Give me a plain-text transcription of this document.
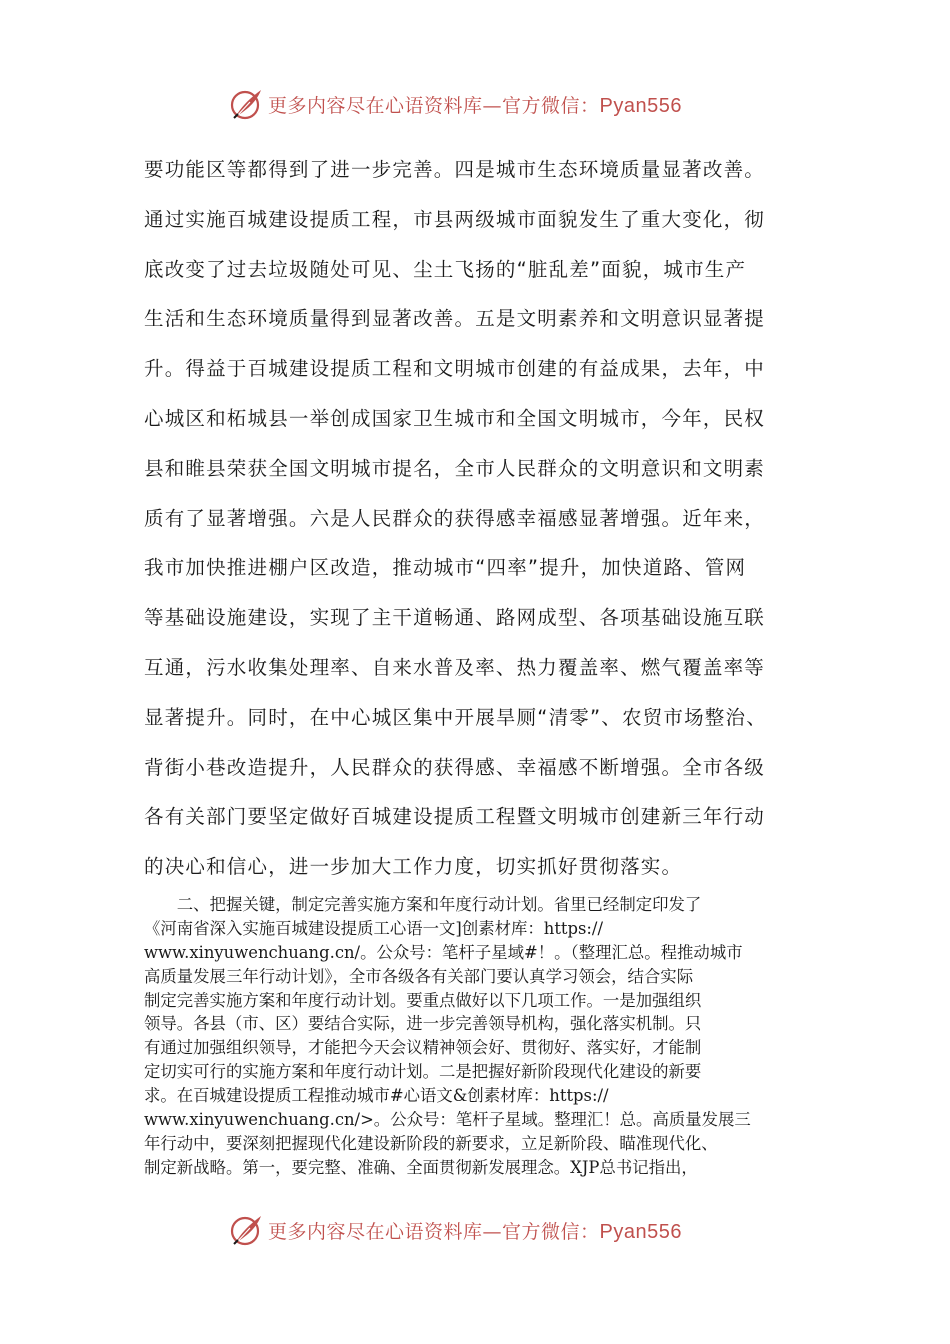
更多内容尽在心语资料库—官方微信：Pyan556
要功能区等都得到了进一步完善。四是城市生态环境质量显著改善。
通过实施百城建设提质工程，市县两级城市面貌发生了重大变化，彻
底改变了过去垃圾随处可见、尘土飞扬的“脏乱差”面貌，城市生产
生活和生态环境质量得到显著改善。五是文明素养和文明意识显著提
升。得益于百城建设提质工程和文明城市创建的有益成果，去年，中
心城区和柘城县一举创成国家卫生城市和全国文明城市，今年，民权
县和睢县荣获全国文明城市提名，全市人民群众的文明意识和文明素
质有了显著增强。六是人民群众的获得感幸福感显著增强。近年来，
我市加快推进棚户区改造，推动城市“四率”提升，加快道路、管网
等基础设施建设，实现了主干道畅通、路网成型、各项基础设施互联
互通，污水收集处理率、自来水普及率、热力覆盖率、燃气覆盖率等
显著提升。同时，在中心城区集中开展旱厕“清零”、农贸市场整治、
背街小巷改造提升，人民群众的获得感、幸福感不断增强。全市各级
各有关部门要坚定做好百城建设提质工程暨文明城市创建新三年行动
的决心和信心，进一步加大工作力度，切实抓好贯彻落实。
　　二、把握关键，制定完善实施方案和年度行动计划。省里已经制定印发了
《河南省深入实施百城建设提质工心语一文]创素材库：https://
www.xinyuwenchuang.cn/。公众号：笔杆子星域#！。（整理汇总。程推动城市
高质量发展三年行动计划》，全市各级各有关部门要认真学习领会，结合实际
制定完善实施方案和年度行动计划。要重点做好以下几项工作。一是加强组织
领导。各县（市、区）要结合实际，进一步完善领导机构，强化落实机制。只
有通过加强组织领导，才能把今天会议精神领会好、贯彻好、落实好，才能制
定切实可行的实施方案和年度行动计划。二是把握好新阶段现代化建设的新要
求。在百城建设提质工程推动城市#心语文&创素材库：https://
www.xinyuwenchuang.cn/>。公众号：笔杆子星域。整理汇！总。高质量发展三
年行动中，要深刻把握现代化建设新阶段的新要求，立足新阶段、瞄准现代化、
制定新战略。第一，要完整、准确、全面贯彻新发展理念。XJP总书记指出，
更多内容尽在心语资料库—官方微信：Pyan556
